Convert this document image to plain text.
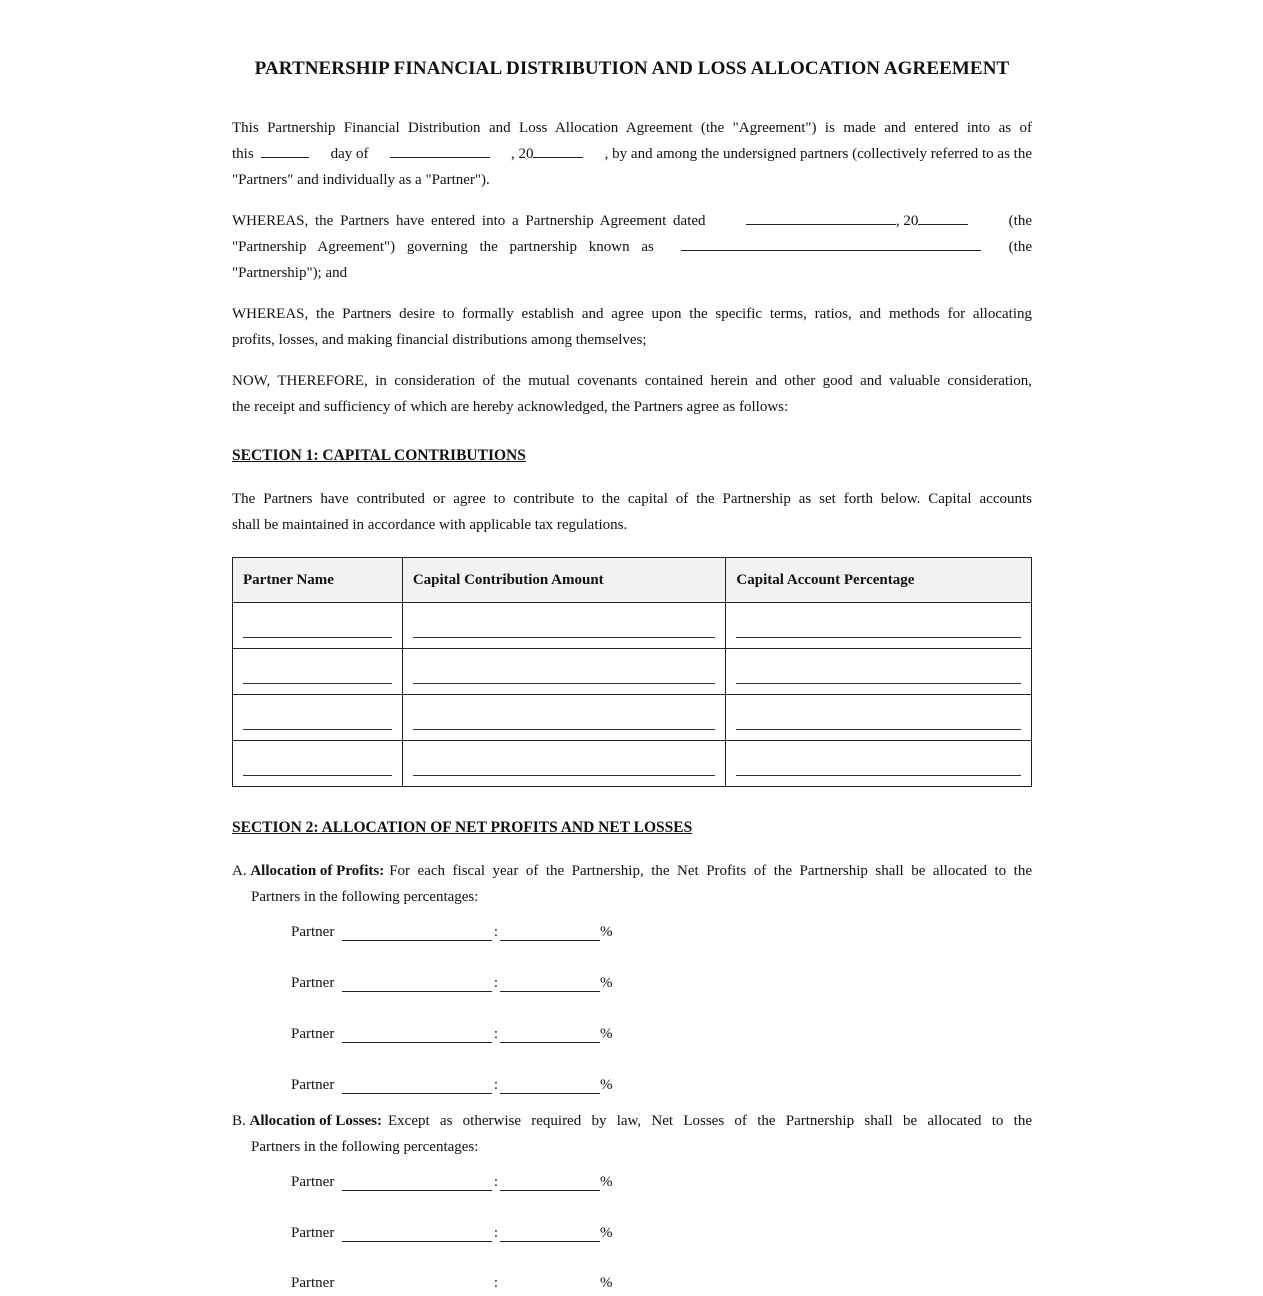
PARTNERSHIP FINANCIAL DISTRIBUTION AND LOSS ALLOCATION AGREEMENT
This Partnership Financial Distribution and Loss Allocation Agreement (the "Agreement") is made and entered into as of
this	day of	, 20	, by and among the undersigned partners (collectively referred to as the
"Partners" and individually as a "Partner").
WHEREAS, the Partners have entered into a Partnership Agreement dated	, 20	(the
"Partnership Agreement") governing the partnership known as	(the
"Partnership"); and
WHEREAS, the Partners desire to formally establish and agree upon the specific terms, ratios, and methods for allocating
profits, losses, and making financial distributions among themselves;
NOW, THEREFORE, in consideration of the mutual covenants contained herein and other good and valuable consideration,
the receipt and sufficiency of which are hereby acknowledged, the Partners agree as follows:
SECTION 1: CAPITAL CONTRIBUTIONS
The Partners have contributed or agree to contribute to the capital of the Partnership as set forth below. Capital accounts
shall be maintained in accordance with applicable tax regulations.
Partner Name	Capital Contribution Amount	Capital Account Percentage

SECTION 2: ALLOCATION OF NET PROFITS AND NET LOSSES
A. Allocation of Profits: For each fiscal year of the Partnership, the Net Profits of the Partnership shall be allocated to the
Partners in the following percentages:
Partner	:	%
Partner	:	%
Partner	:	%
Partner	:	%
B. Allocation of Losses: Except as otherwise required by law, Net Losses of the Partnership shall be allocated to the
Partners in the following percentages:
Partner	:	%
Partner	:	%
Partner	:	%
